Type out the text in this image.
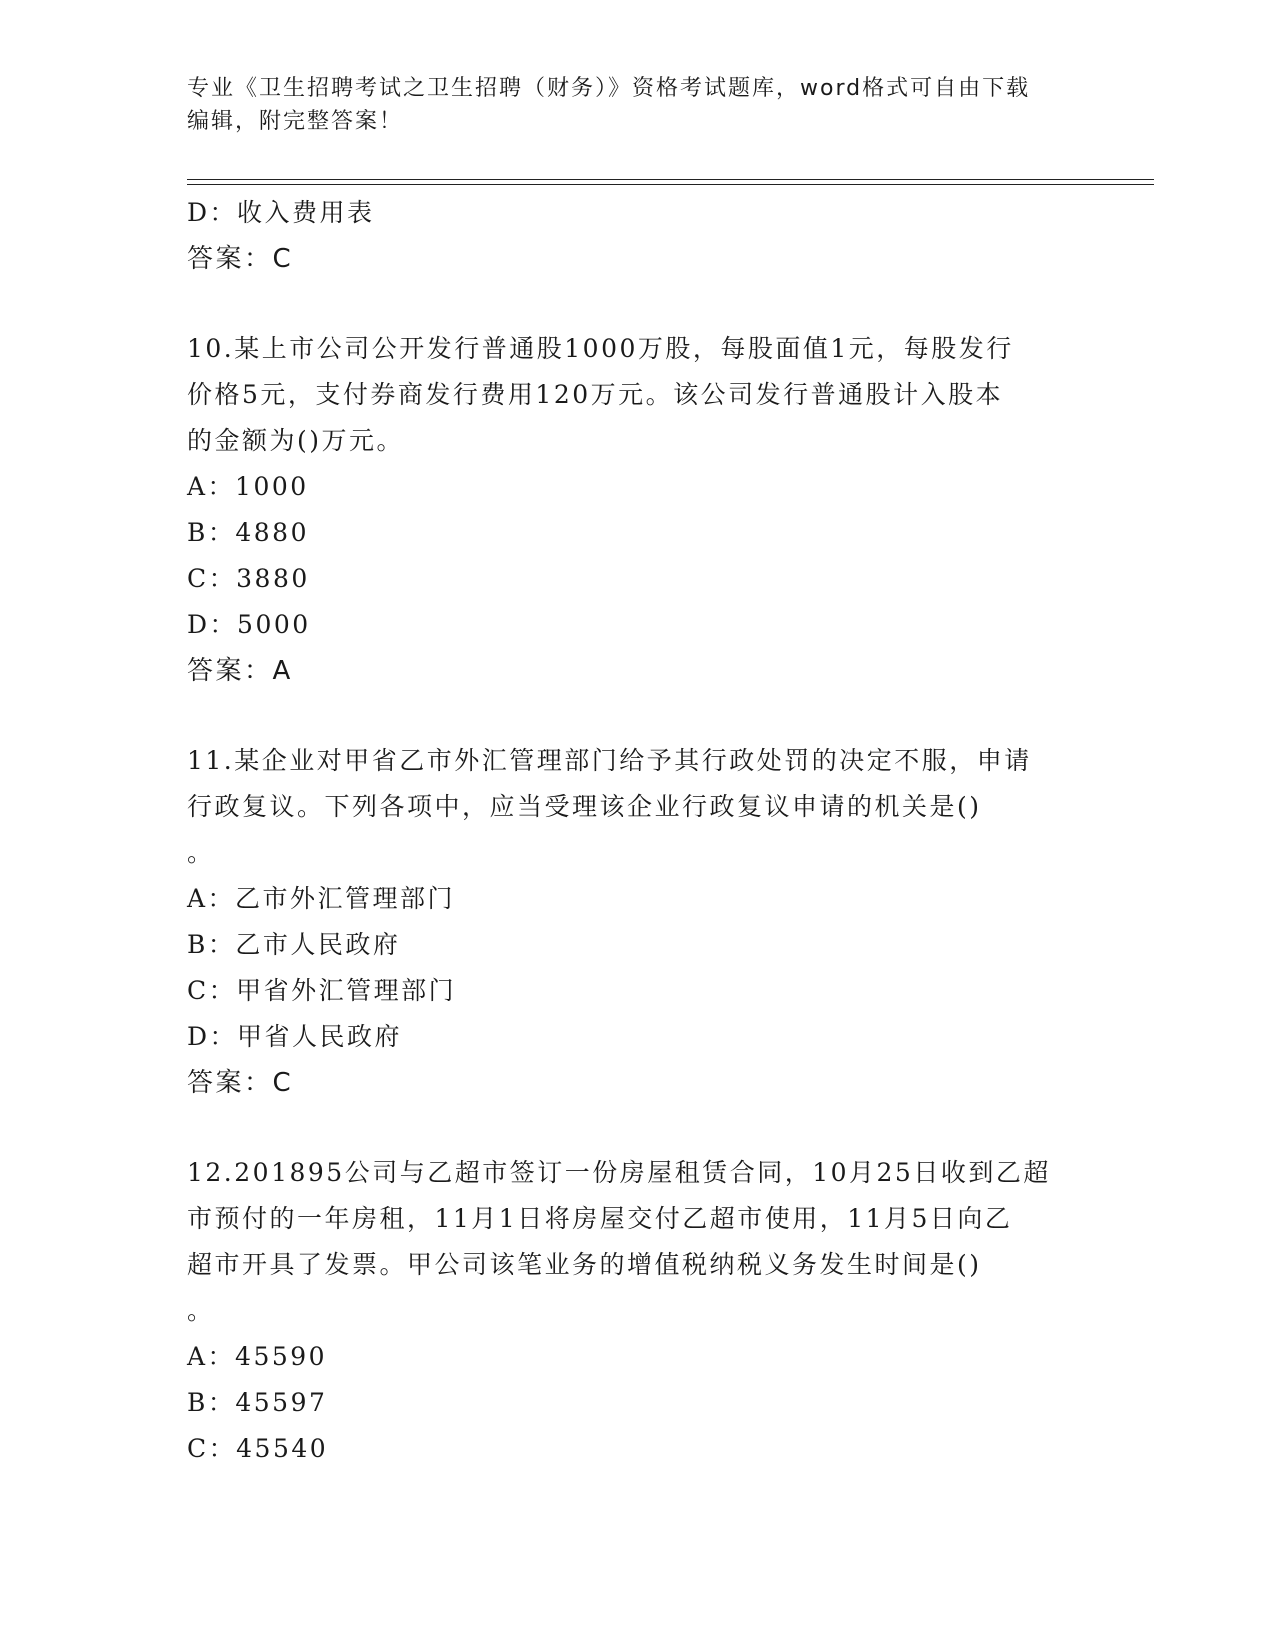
专业《卫生招聘考试之卫生招聘（财务）》资格考试题库，word格式可自由下载
编辑，附完整答案！
D：收入费用表
答案：C
10.某上市公司公开发行普通股1000万股，每股面值1元，每股发行
价格5元，支付券商发行费用120万元。该公司发行普通股计入股本
的金额为()万元。
A：1000
B：4880
C：3880
D：5000
答案：A
11.某企业对甲省乙市外汇管理部门给予其行政处罚的决定不服，申请
行政复议。下列各项中，应当受理该企业行政复议申请的机关是()
。
A：乙市外汇管理部门
B：乙市人民政府
C：甲省外汇管理部门
D：甲省人民政府
答案：C
12.201895公司与乙超市签订一份房屋租赁合同，10月25日收到乙超
市预付的一年房租，11月1日将房屋交付乙超市使用，11月5日向乙
超市开具了发票。甲公司该笔业务的增值税纳税义务发生时间是()
。
A：45590
B：45597
C：45540
